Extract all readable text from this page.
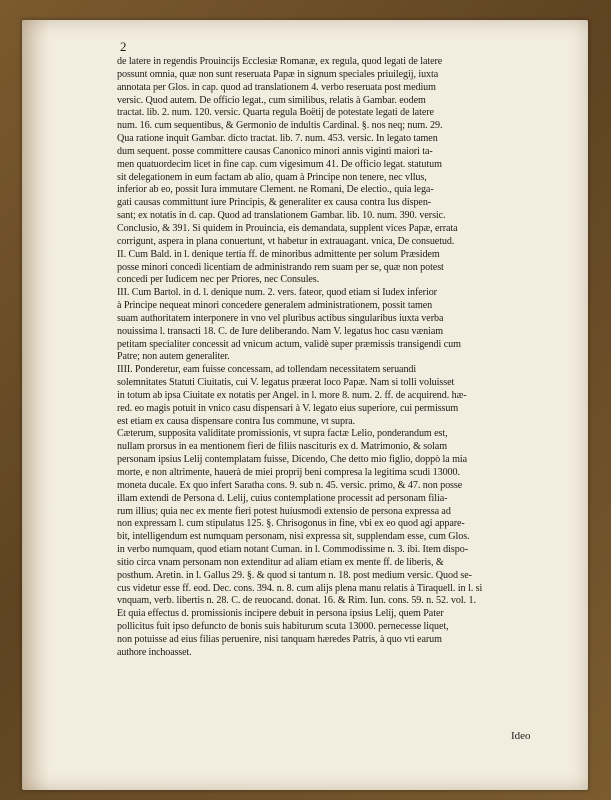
2
de latere in regendis Prouincijs Ecclesiæ Romanæ, ex regula, quod legati de latere
possunt omnia, quæ non sunt reseruata Papæ in signum speciales priuilegij, iuxta
annotata per Glos. in cap. quod ad translationem 4. verbo reseruata post medium
versic. Quod autem. De officio legat., cum similibus, relatis à Gambar. eodem
tractat. lib. 2. num. 120. versic. Quarta regula Boëtij de potestate legati de latere
num. 16. cum sequentibus, & Germonio de indultis Cardinal. §. nos neq; num. 29.
Qua ratione inquit Gambar. dicto tractat. lib. 7. num. 453. versic. In legato tamen
dum sequent. posse committere causas Canonico minori annis viginti maiori ta-
men quatuordecim licet in fine cap. cum vigesimum 41. De officio legat. statutum
sit delegationem in eum factam ab alio, quam à Principe non tenere, nec vllus,
inferior ab eo, possit Iura immutare Clement. ne Romani, De electio., quia lega-
gati causas committunt iure Principis, & generaliter ex causa contra Ius dispen-
sant; ex notatis in d. cap. Quod ad translationem Gambar. lib. 10. num. 390. versic.
Conclusio, & 391. Si quidem in Prouincia, eis demandata, supplent vices Papæ, errata
corrigunt, aspera in plana conuertunt, vt habetur in extrauagant. vnica, De consuetud.
II. Cum Bald. in l. denique tertia ff. de minoribus admittente per solum Præsidem
posse minori concedi licentiam de administrando rem suam per se, quæ non potest
concedi per Iudicem nec per Priores, nec Consules.
III. Cum Bartol. in d. l. denique num. 2. vers. fateor, quod etiam si Iudex inferior
à Principe nequeat minori concedere generalem administrationem, possit tamen
suam authoritatem interponere in vno vel pluribus actibus singularibus iuxta verba
nouissima l. transacti 18. C. de Iure deliberando. Nam V. legatus hoc casu væniam
petitam specialiter concessit ad vnicum actum, validè super præmissis transigendi cum
Patre; non autem generaliter.
IIII. Ponderetur, eam fuisse concessam, ad tollendam necessitatem seruandi
solemnitates Statuti Ciuitatis, cui V. legatus præerat loco Papæ. Nam si tolli voluisset
in totum ab ipsa Ciuitate ex notatis per Angel. in l. more 8. num. 2. ff. de acquirend. hæ-
red. eo magis potuit in vnico casu dispensari à V. legato eius superiore, cui permissum
est etiam ex causa dispensare contra Ius commune, vt supra.
Cæterum, supposita validitate promissionis, vt supra factæ Lelio, ponderandum est,
nullam prorsus in ea mentionem fieri de filiis nascituris ex d. Matrimonio, & solam
personam ipsius Lelij contemplatam fuisse, Dicendo, Che detto mio figlio, doppò la mia
morte, e non altrimente, hauerà de miei proprij beni compresa la legitima scudi 13000.
moneta ducale. Ex quo infert Saratha cons. 9. sub n. 45. versic. primo, & 47. non posse
illam extendi de Persona d. Lelij, cuius contemplatione processit ad personam filia-
rum illius; quia nec ex mente fieri potest huiusmodi extensio de persona expressa ad
non expressam l. cum stipulatus 125. §. Chrisogonus in fine, vbi ex eo quod agi appare-
bit, intelligendum est numquam personam, nisi expressa sit, supplendam esse, cum Glos.
in verbo numquam, quod etiam notant Cuman. in l. Commodissime n. 3. ibi. Item dispo-
sitio circa vnam personam non extenditur ad aliam etiam ex mente ff. de liberis, &
posthum. Aretin. in l. Gallus 29. §. & quod si tantum n. 18. post medium versic. Quod se-
cus videtur esse ff. eod. Dec. cons. 394. n. 8. cum alijs plena manu relatis à Tiraquell. in l. si
vnquam, verb. libertis n. 28. C. de reuocand. donat. 16. & Rim. Iun. cons. 59. n. 52. vol. 1.
Et quia effectus d. promissionis incipere debuit in persona ipsius Lelij, quem Pater
pollicitus fuit ipso defuncto de bonis suis habiturum scuta 13000. pernecesse liquet,
non potuisse ad eius filias peruenire, nisi tanquam hæredes Patris, à quo vti earum
authore inchoasset.
Ideo
